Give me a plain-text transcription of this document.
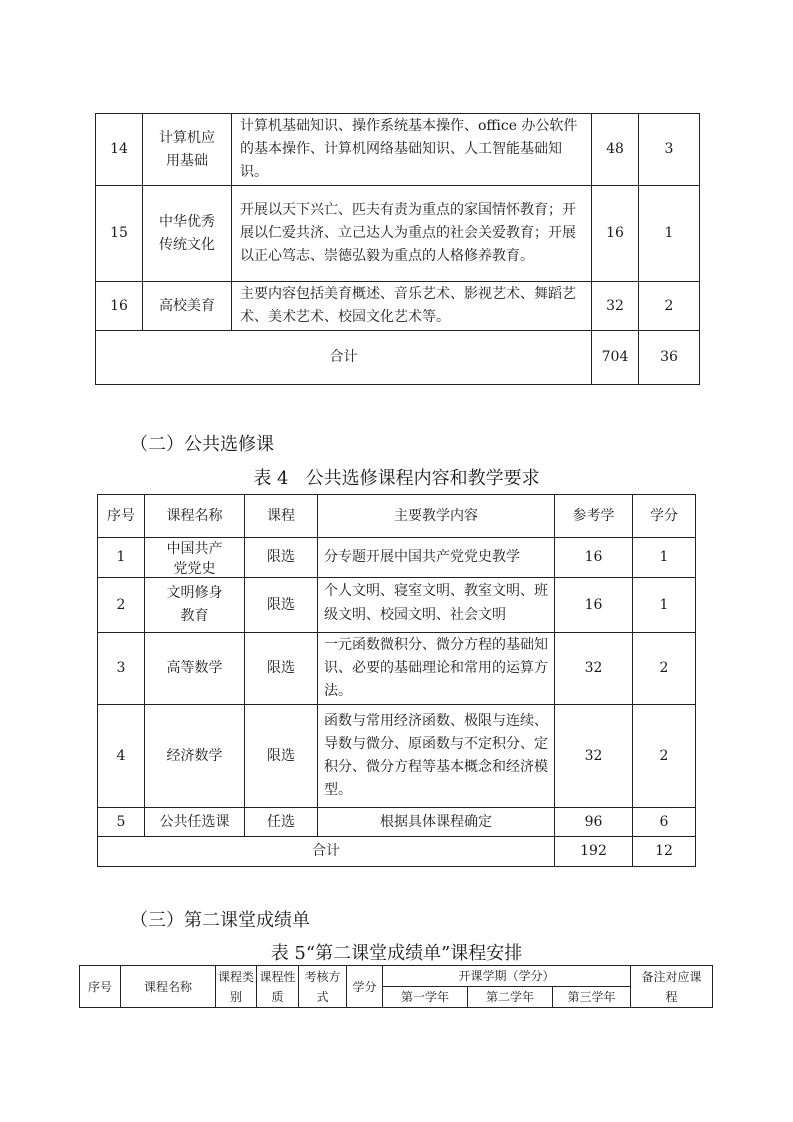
14	计算机应用基础	计算机基础知识、操作系统基本操作、office 办公软件的基本操作、计算机网络基础知识、人工智能基础知识。	48	3
15	中华优秀传统文化	开展以天下兴亡、匹夫有责为重点的家国情怀教育；开展以仁爱共济、立己达人为重点的社会关爱教育；开展以正心笃志、崇德弘毅为重点的人格修养教育。	16	1
16	高校美育	主要内容包括美育概述、音乐艺术、影视艺术、舞蹈艺术、美术艺术、校园文化艺术等。	32	2
合计			704	36
（二）公共选修课
表 4   公共选修课程内容和教学要求
序号	课程名称	课程	主要教学内容	参考学	学分
1	中国共产党党史	限选	分专题开展中国共产党党史教学	16	1
2	文明修身教育	限选	个人文明、寝室文明、教室文明、班级文明、校园文明、社会文明	16	1
3	高等数学	限选	一元函数微积分、微分方程的基础知识、必要的基础理论和常用的运算方法。	32	2
4	经济数学	限选	函数与常用经济函数、极限与连续、导数与微分、原函数与不定积分、定积分、微分方程等基本概念和经济模型。	32	2
5	公共任选课	任选	根据具体课程确定	96	6
合计				192	12
（三）第二课堂成绩单
表 5“第二课堂成绩单”课程安排
序号	课程名称	课程类别	课程性质	考核方式	学分	开课学期（学分）			备注对应课程

						第一学年	第二学年	第三学年	
